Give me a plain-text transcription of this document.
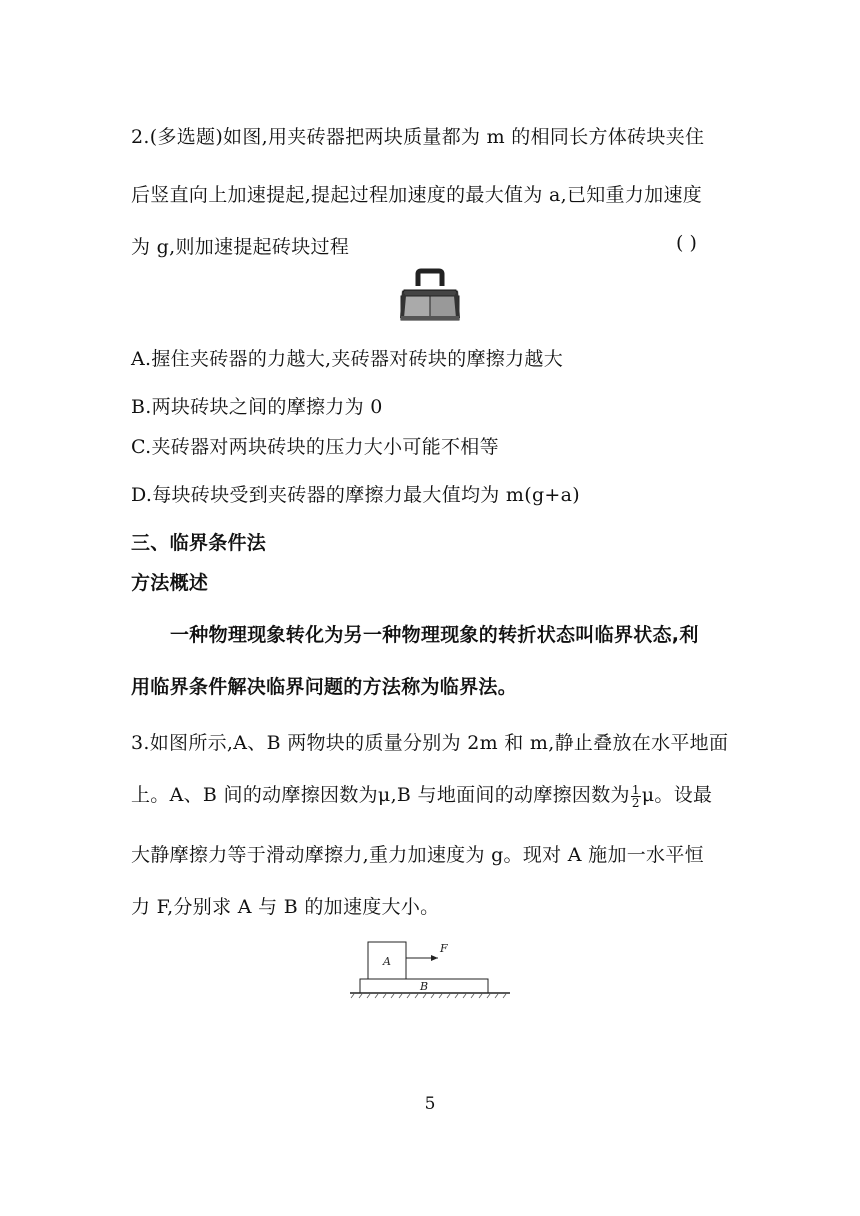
2.(多选题)如图,用夹砖器把两块质量都为 m 的相同长方体砖块夹住
后竖直向上加速提起,提起过程加速度的最大值为 a,已知重力加速度
为 g,则加速提起砖块过程	( )
A.握住夹砖器的力越大,夹砖器对砖块的摩擦力越大
B.两块砖块之间的摩擦力为 0
C.夹砖器对两块砖块的压力大小可能不相等
D.每块砖块受到夹砖器的摩擦力最大值均为 m(g+a)
三、临界条件法
方法概述
一种物理现象转化为另一种物理现象的转折状态叫临界状态,利
用临界条件解决临界问题的方法称为临界法。
3.如图所示,A、B 两物块的质量分别为 2m 和 m,静止叠放在水平地面
上。A、B 间的动摩擦因数为μ,B 与地面间的动摩擦因数为 $\frac{1}{2}$ μ。设最
大静摩擦力等于滑动摩擦力,重力加速度为 g。现对 A 施加一水平恒
力 F,分别求 A 与 B 的加速度大小。
A
F
B
5
